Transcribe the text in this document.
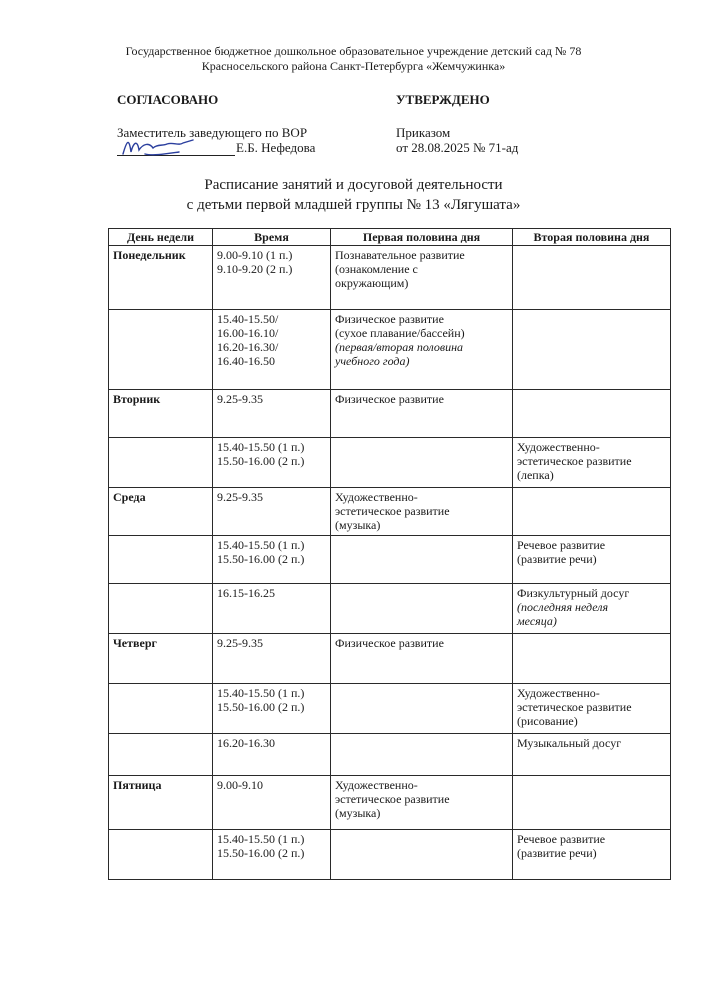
Государственное бюджетное дошкольное образовательное учреждение детский сад № 78
Красносельского района Санкт-Петербурга «Жемчужинка»
СОГЛАСОВАНО
Заместитель заведующего по ВОР
Е.Б. Нефедова
УТВЕРЖДЕНО
Приказом
от 28.08.2025 № 71-ад
Расписание занятий и досуговой деятельности
с детьми первой младшей группы № 13 «Лягушата»
День недели	Время	Первая половина дня	Вторая половина дня
Понедельник	9.00-9.10 (1 п.)
9.10-9.20 (2 п.)	Познавательное развитие
(ознакомление с
окружающим)	

	15.40-15.50/
16.00-16.10/
16.20-16.30/
16.40-16.50	Физическое развитие
(сухое плавание/бассейн)
(первая/вторая половина
учебного года)	

Вторник	9.25-9.35	Физическое развитие	

	15.40-15.50 (1 п.)
15.50-16.00 (2 п.)		Художественно-
эстетическое развитие
(лепка)

Среда	9.25-9.35	Художественно-
эстетическое развитие
(музыка)	

	15.40-15.50 (1 п.)
15.50-16.00 (2 п.)		Речевое развитие
(развитие речи)

	16.15-16.25		Физкультурный досуг
(последняя неделя
месяца)

Четверг	9.25-9.35	Физическое развитие	

	15.40-15.50 (1 п.)
15.50-16.00 (2 п.)		Художественно-
эстетическое развитие
(рисование)

	16.20-16.30		Музыкальный досуг

Пятница	9.00-9.10	Художественно-
эстетическое развитие
(музыка)	

	15.40-15.50 (1 п.)
15.50-16.00 (2 п.)		Речевое развитие
(развитие речи)
